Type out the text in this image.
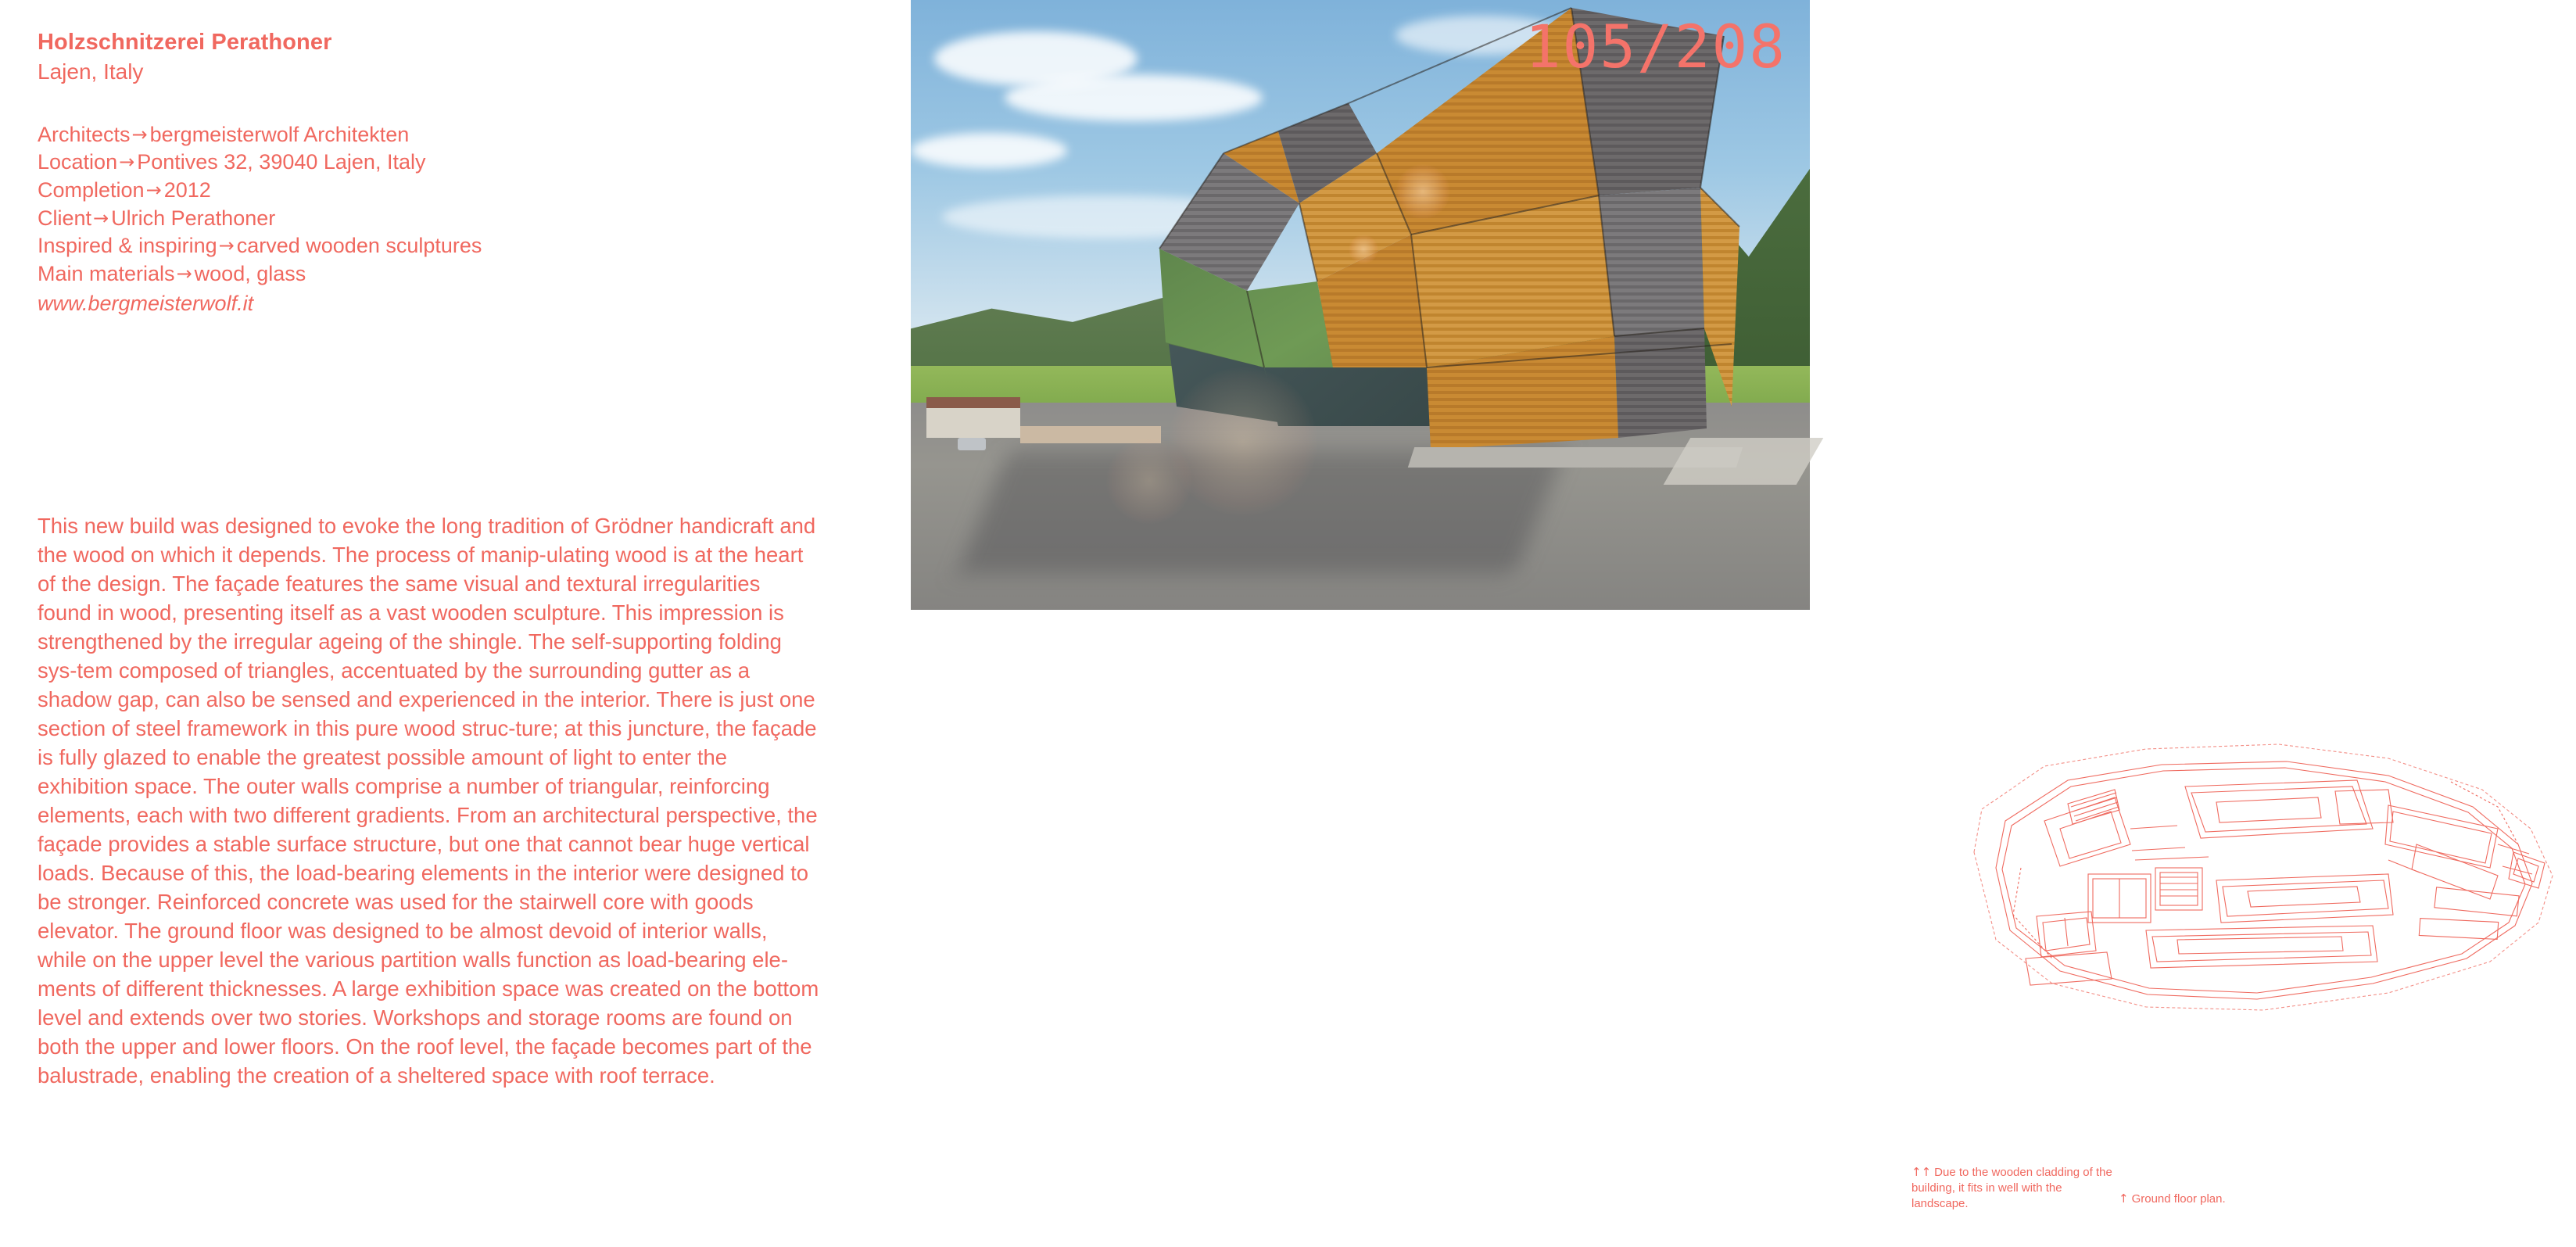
Holzschnitzerei Perathoner
Lajen, Italy
Architects→ bergmeisterwolf Architekten
Location→ Pontives 32, 39040 Lajen, Italy
Completion→ 2012
Client→ Ulrich Perathoner
Inspired & inspiring→ carved wooden sculptures
Main materials→ wood, glass
www.bergmeisterwolf.it
This new build was designed to evoke the long tradition of Grödner handicraft and the wood on which it depends. The process of manip-ulating wood is at the heart of the design. The façade features the same visual and textural irregularities found in wood, presenting itself as a vast wooden sculpture. This impression is strengthened by the irregular ageing of the shingle. The self-supporting folding sys-tem composed of triangles, accentuated by the surrounding gutter as a shadow gap, can also be sensed and experienced in the interior. There is just one section of steel framework in this pure wood struc-ture; at this juncture, the façade is fully glazed to enable the greatest possible amount of light to enter the exhibition space. The outer walls comprise a number of triangular, reinforcing elements, each with two different gradients. From an architectural perspective, the façade provides a stable surface structure, but one that cannot bear huge vertical loads. Because of this, the load-bearing elements in the interior were designed to be stronger. Reinforced concrete was used for the stairwell core with goods elevator. The ground floor was designed to be almost devoid of interior walls, while on the upper level the various partition walls function as load-bearing ele-ments of different thicknesses. A large exhibition space was created on the bottom level and extends over two stories. Workshops and storage rooms are found on both the upper and lower floors. On the roof level, the façade becomes part of the balustrade, enabling the creation of a sheltered space with roof terrace.
105/208
↑↑ Due to the wooden cladding of the building, it fits in well with the landscape.	↑ Ground floor plan.
